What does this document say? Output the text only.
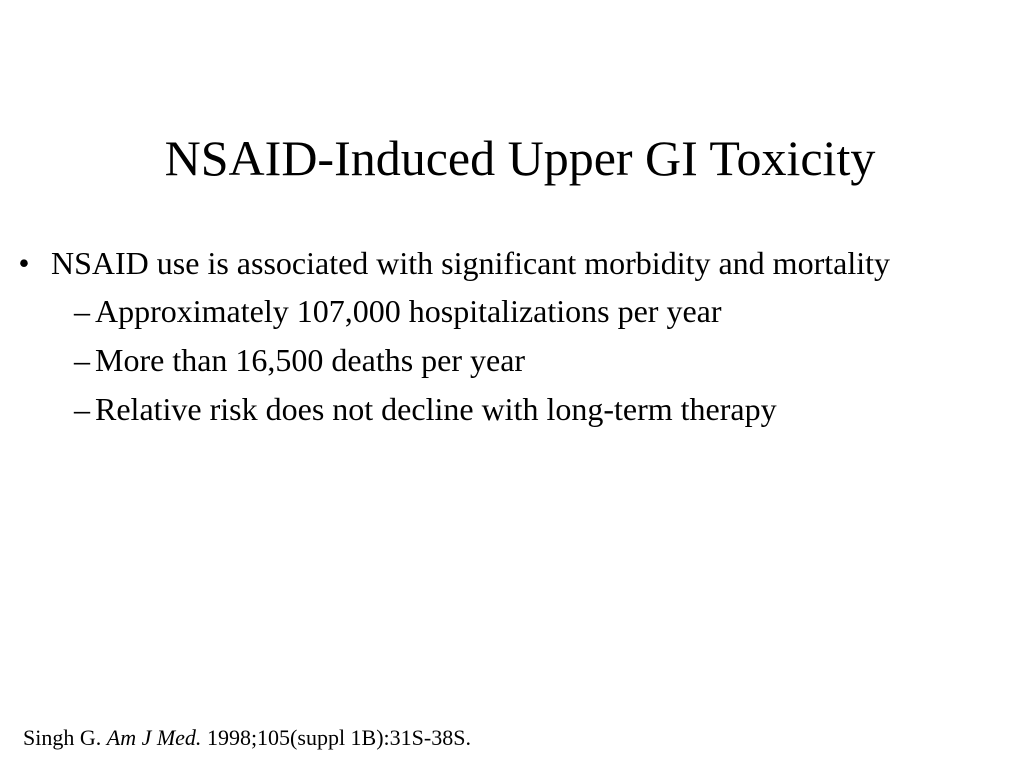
NSAID-Induced Upper GI Toxicity
• NSAID use is associated with significant morbidity and mortality
– Approximately 107,000 hospitalizations per year
– More than 16,500 deaths per year
– Relative risk does not decline with long-term therapy
Singh G. Am J Med. 1998;105(suppl 1B):31S-38S.
